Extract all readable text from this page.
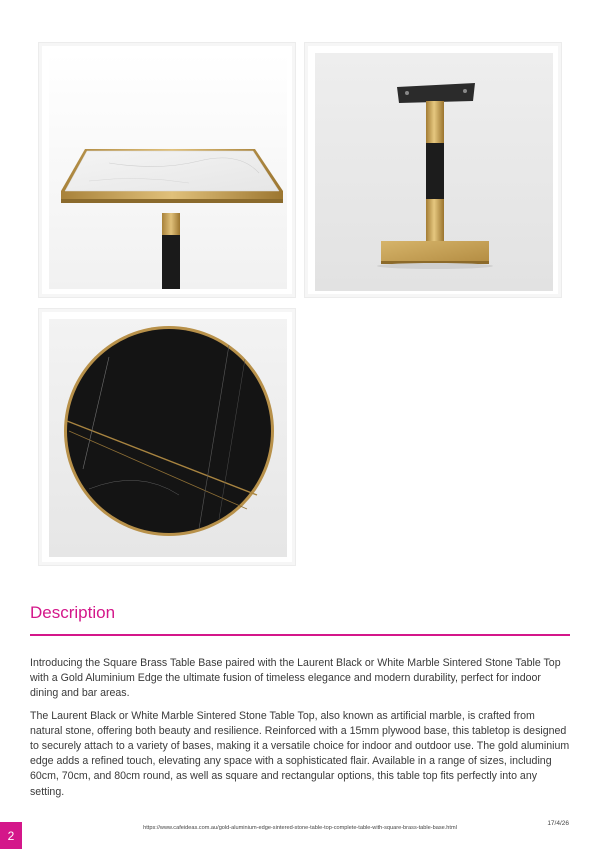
Description

Introducing the Square Brass Table Base paired with the Laurent Black or White Marble Sintered Stone Table Top with a Gold Aluminium Edge the ultimate fusion of timeless elegance and modern durability, perfect for indoor dining and bar areas.

The Laurent Black or White Marble Sintered Stone Table Top, also known as artificial marble, is crafted from natural stone, offering both beauty and resilience. Reinforced with a 15mm plywood base, this tabletop is designed to securely attach to a variety of bases, making it a versatile choice for indoor and outdoor use. The gold aluminium edge adds a refined touch, elevating any space with a sophisticated flair. Available in a range of sizes, including 60cm, 70cm, and 80cm round, as well as square and rectangular options, this table top fits perfectly into any setting.

2
https://www.cafeideas.com.au/gold-aluminium-edge-sintered-stone-table-top-complete-table-with-square-brass-table-base.html
17/4/26
